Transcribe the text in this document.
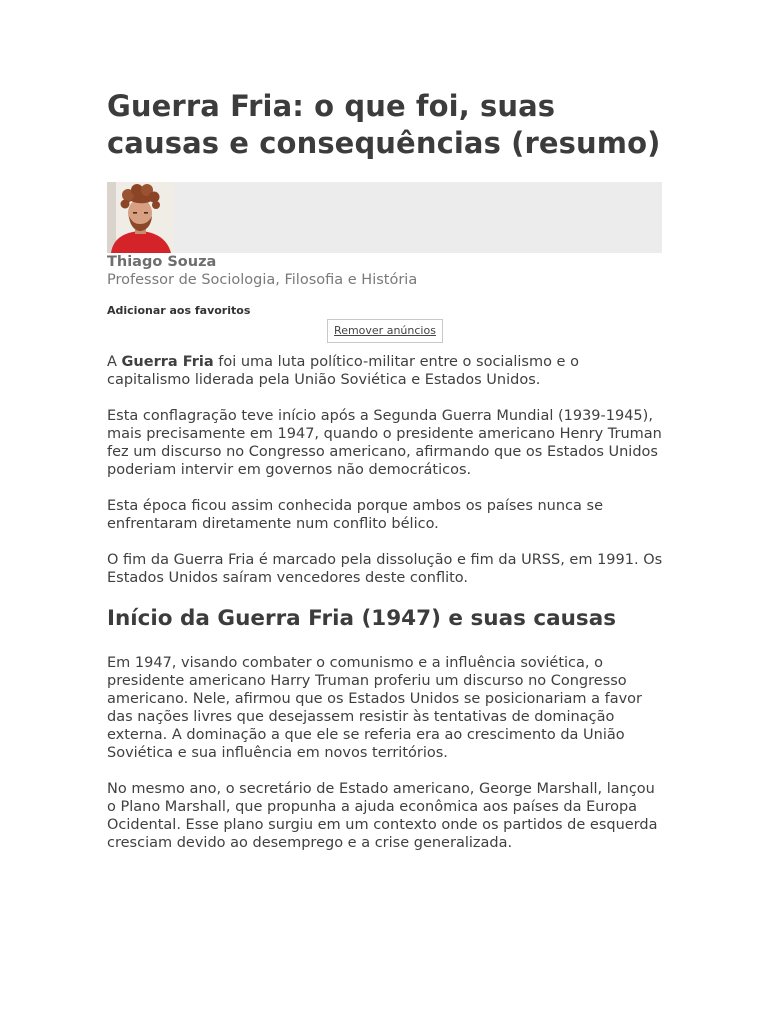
Guerra Fria: o que foi, suas causas e consequências (resumo)
Thiago Souza
Professor de Sociologia, Filosofia e História
Adicionar aos favoritos
Remover anúncios

A Guerra Fria foi uma luta político-militar entre o socialismo e o capitalismo liderada pela União Soviética e Estados Unidos.

Esta conflagração teve início após a Segunda Guerra Mundial (1939-1945), mais precisamente em 1947, quando o presidente americano Henry Truman fez um discurso no Congresso americano, afirmando que os Estados Unidos poderiam intervir em governos não democráticos.

Esta época ficou assim conhecida porque ambos os países nunca se enfrentaram diretamente num conflito bélico.

O fim da Guerra Fria é marcado pela dissolução e fim da URSS, em 1991. Os Estados Unidos saíram vencedores deste conflito.

Início da Guerra Fria (1947) e suas causas

Em 1947, visando combater o comunismo e a influência soviética, o presidente americano Harry Truman proferiu um discurso no Congresso americano. Nele, afirmou que os Estados Unidos se posicionariam a favor das nações livres que desejassem resistir às tentativas de dominação externa. A dominação a que ele se referia era ao crescimento da União Soviética e sua influência em novos territórios.

No mesmo ano, o secretário de Estado americano, George Marshall, lançou o Plano Marshall, que propunha a ajuda econômica aos países da Europa Ocidental. Esse plano surgiu em um contexto onde os partidos de esquerda cresciam devido ao desemprego e a crise generalizada.
